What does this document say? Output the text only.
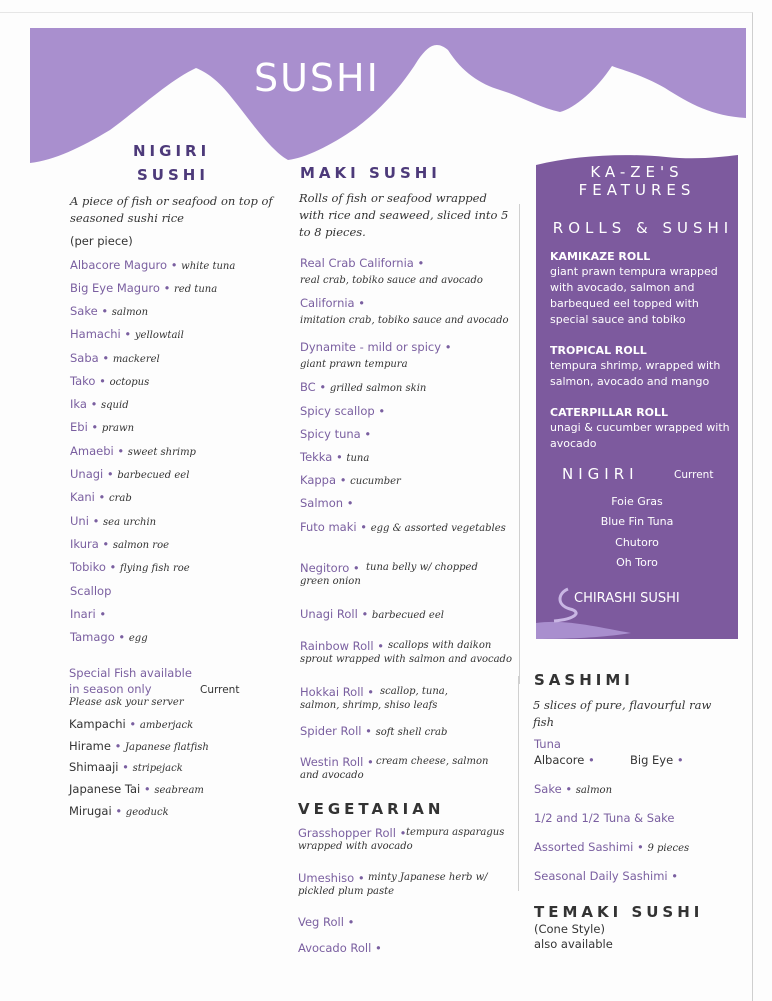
SUSHI
NIGIRI
SUSHI
A piece of fish or seafood on top of seasoned sushi rice
(per piece)
Albacore Maguro • white tuna
Big Eye Maguro • red tuna
Sake • salmon
Hamachi • yellowtail
Saba • mackerel
Tako • octopus
Ika • squid
Ebi • prawn
Amaebi • sweet shrimp
Unagi • barbecued eel
Kani • crab
Uni • sea urchin
Ikura • salmon roe
Tobiko • flying fish roe
Scallop
Inari •
Tamago • egg
Special Fish available
in season only	Current
Please ask your server
Kampachi • amberjack
Hirame • Japanese flatfish
Shimaaji • stripejack
Japanese Tai • seabream
Mirugai • geoduck
MAKI SUSHI
Rolls of fish or seafood wrapped with rice and seaweed, sliced into 5 to 8 pieces.
Real Crab California •
real crab, tobiko sauce and avocado
California •
imitation crab, tobiko sauce and avocado
Dynamite - mild or spicy •
giant prawn tempura
BC • grilled salmon skin
Spicy scallop •
Spicy tuna •
Tekka • tuna
Kappa • cucumber
Salmon •
Futo maki • egg & assorted vegetables
Negitoro • tuna belly w/ chopped green onion
Unagi Roll • barbecued eel
Rainbow Roll • scallops with daikon sprout wrapped with salmon and avocado
Hokkai Roll • scallop, tuna, salmon, shrimp, shiso leafs
Spider Roll • soft shell crab
Westin Roll • cream cheese, salmon and avocado
VEGETARIAN
Grasshopper Roll • tempura asparagus wrapped with avocado
Umeshiso • minty Japanese herb w/ pickled plum paste
Veg Roll •
Avocado Roll •
KA-ZE'S
FEATURES
ROLLS & SUSHI
KAMIKAZE ROLL
giant prawn tempura wrapped with avocado, salmon and barbequed eel topped with special sauce and tobiko
TROPICAL ROLL
tempura shrimp, wrapped with salmon, avocado and mango
CATERPILLAR ROLL
unagi & cucumber wrapped with avocado
NIGIRI	Current
Foie Gras
Blue Fin Tuna
Chutoro
Oh Toro
CHIRASHI SUSHI
SASHIMI
5 slices of pure, flavourful raw fish
Tuna
Albacore •	Big Eye •
Sake • salmon
1/2 and 1/2 Tuna & Sake
Assorted Sashimi • 9 pieces
Seasonal Daily Sashimi •
TEMAKI SUSHI
(Cone Style)
also available
